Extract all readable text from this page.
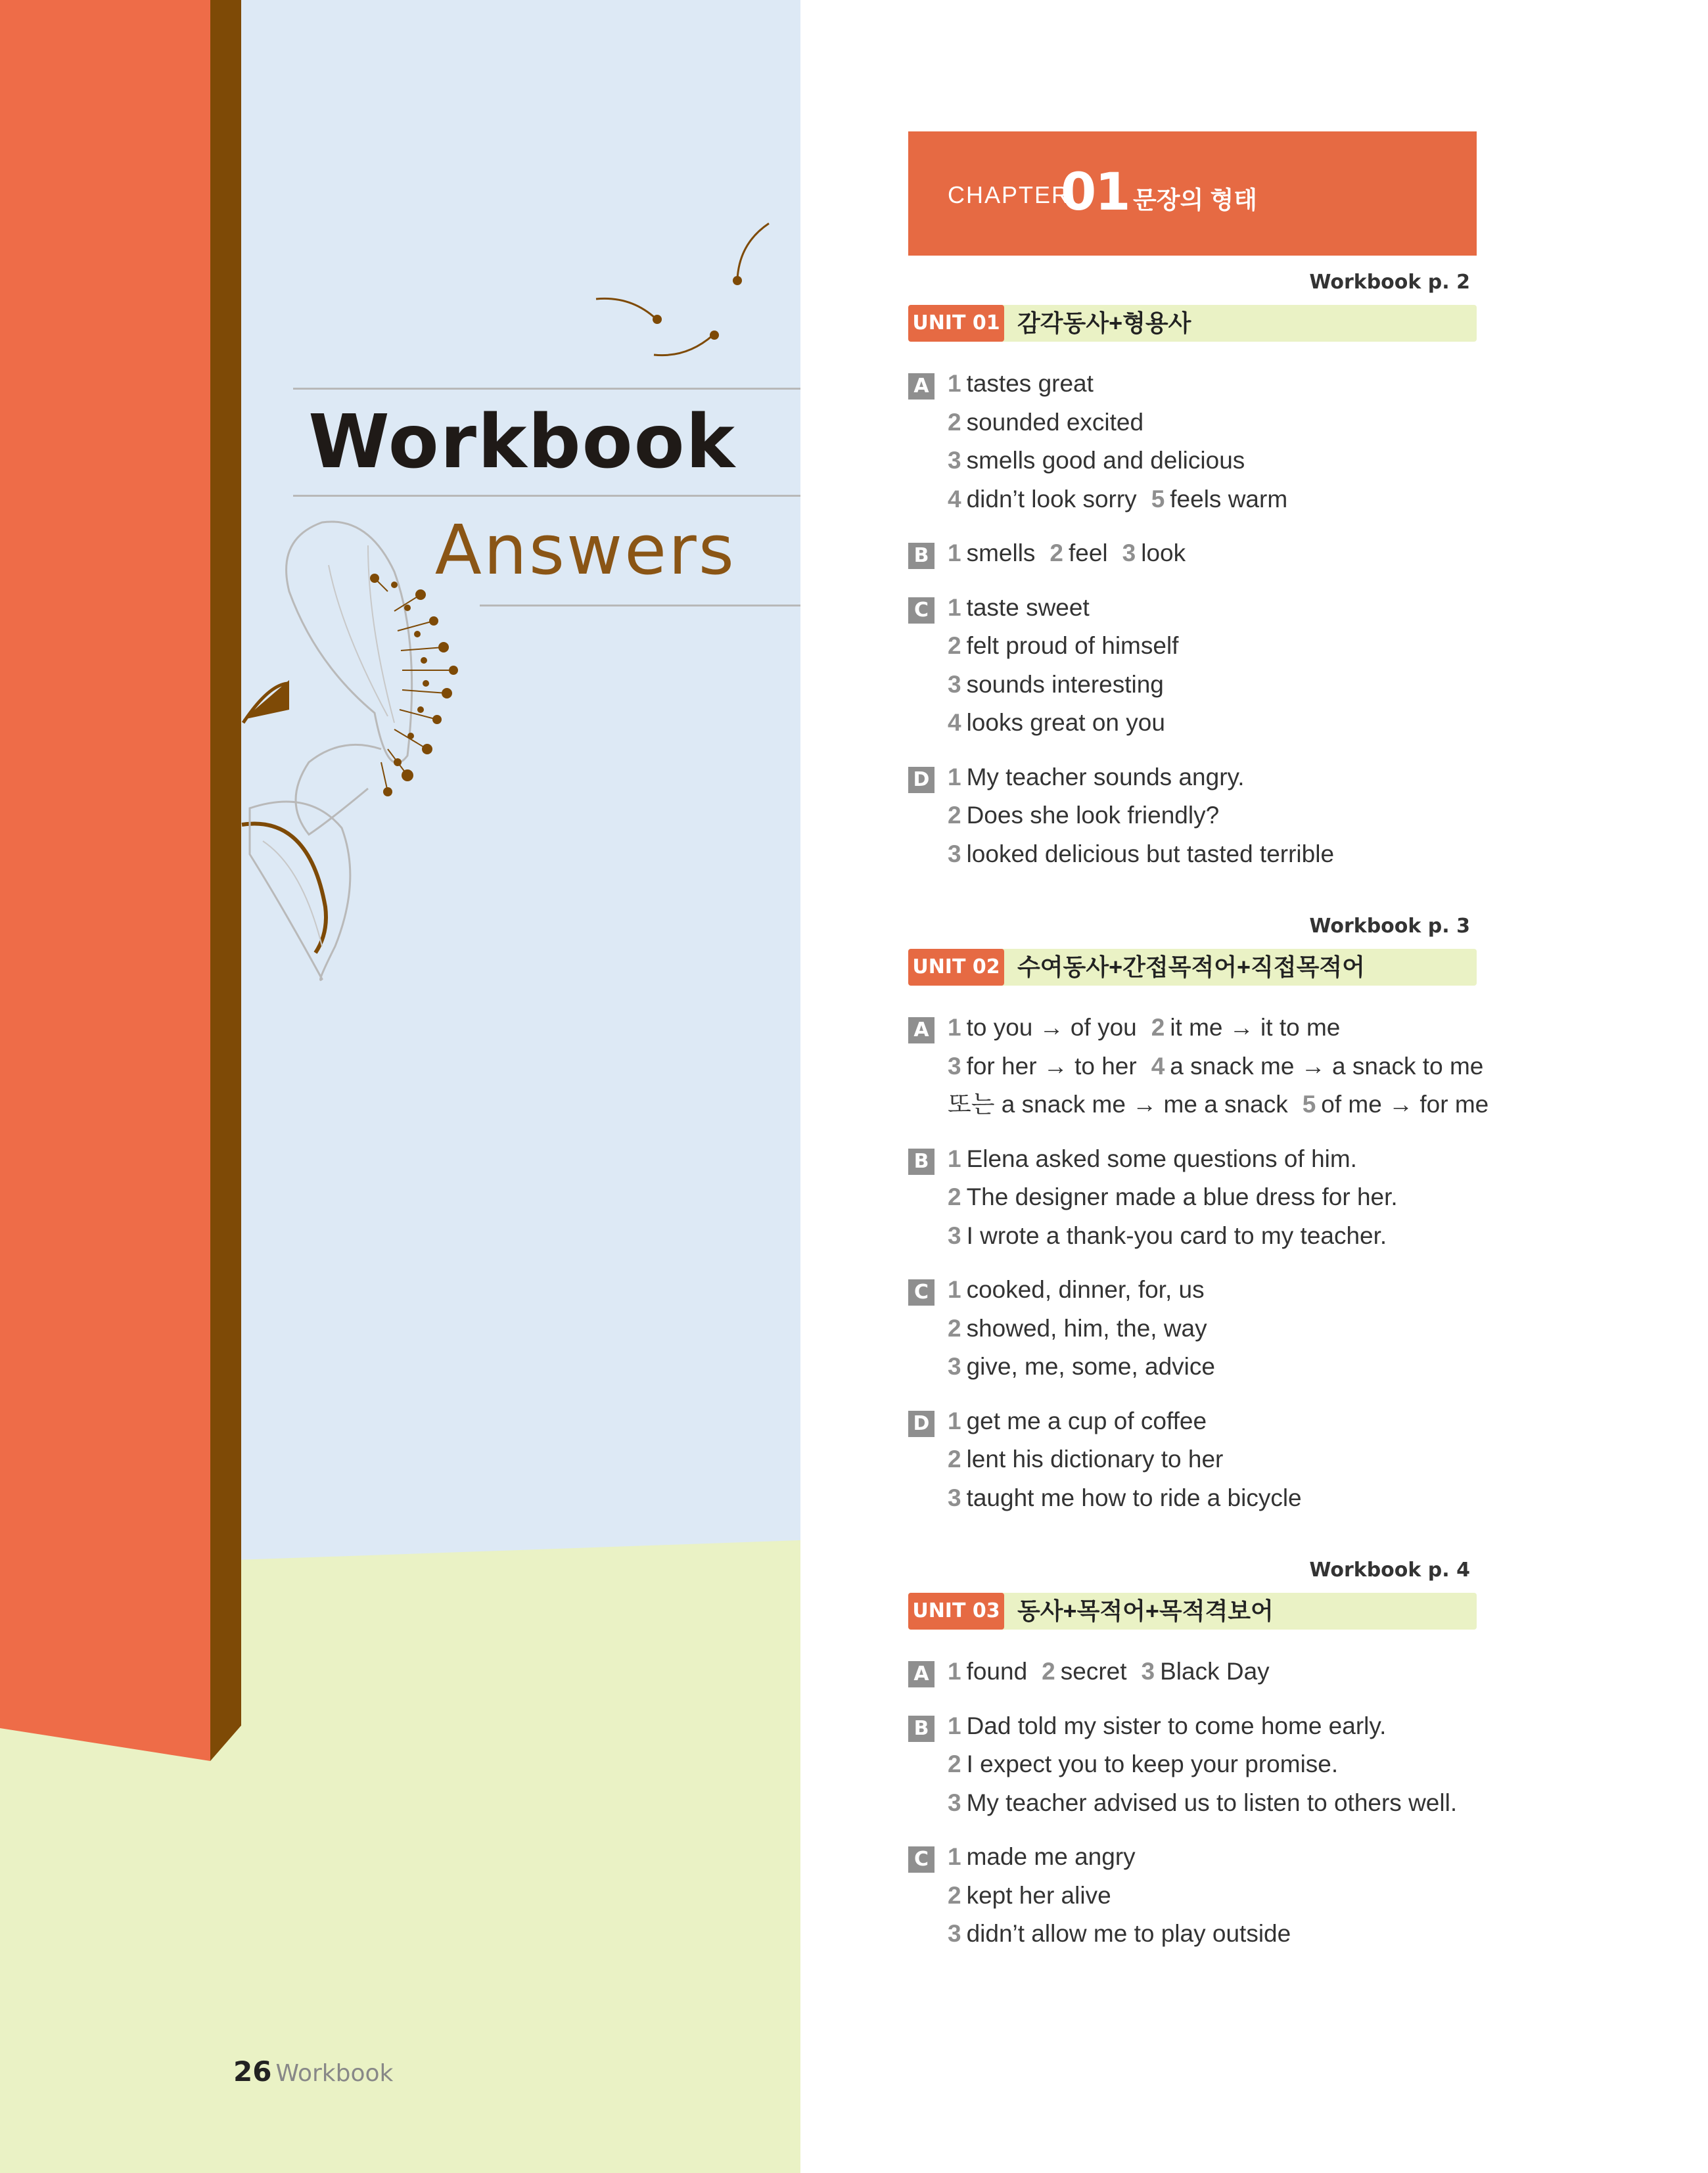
Workbook
Answers
26 Workbook
CHAPTER
01 문장의 형태
Workbook p. 2
UNIT 01 감각동사+형용사
A 1 tastes great
2 sounded excited
3 smells good and delicious
4 didn’t look sorry 5 feels warm
B 1 smells 2 feel 3 look
C 1 taste sweet
2 felt proud of himself
3 sounds interesting
4 looks great on you
D 1 My teacher sounds angry.
2 Does she look friendly?
3 looked delicious but tasted terrible
Workbook p. 3
UNIT 02 수여동사+간접목적어+직접목적어
A 1 to you → of you 2 it me → it to me
3 for her → to her 4 a snack me → a snack to me
또는 a snack me → me a snack 5 of me → for me
B 1 Elena asked some questions of him.
2 The designer made a blue dress for her.
3 I wrote a thank-you card to my teacher.
C 1 cooked, dinner, for, us
2 showed, him, the, way
3 give, me, some, advice
D 1 get me a cup of coffee
2 lent his dictionary to her
3 taught me how to ride a bicycle
Workbook p. 4
UNIT 03 동사+목적어+목적격보어
A 1 found 2 secret 3 Black Day
B 1 Dad told my sister to come home early.
2 I expect you to keep your promise.
3 My teacher advised us to listen to others well.
C 1 made me angry
2 kept her alive
3 didn’t allow me to play outside
